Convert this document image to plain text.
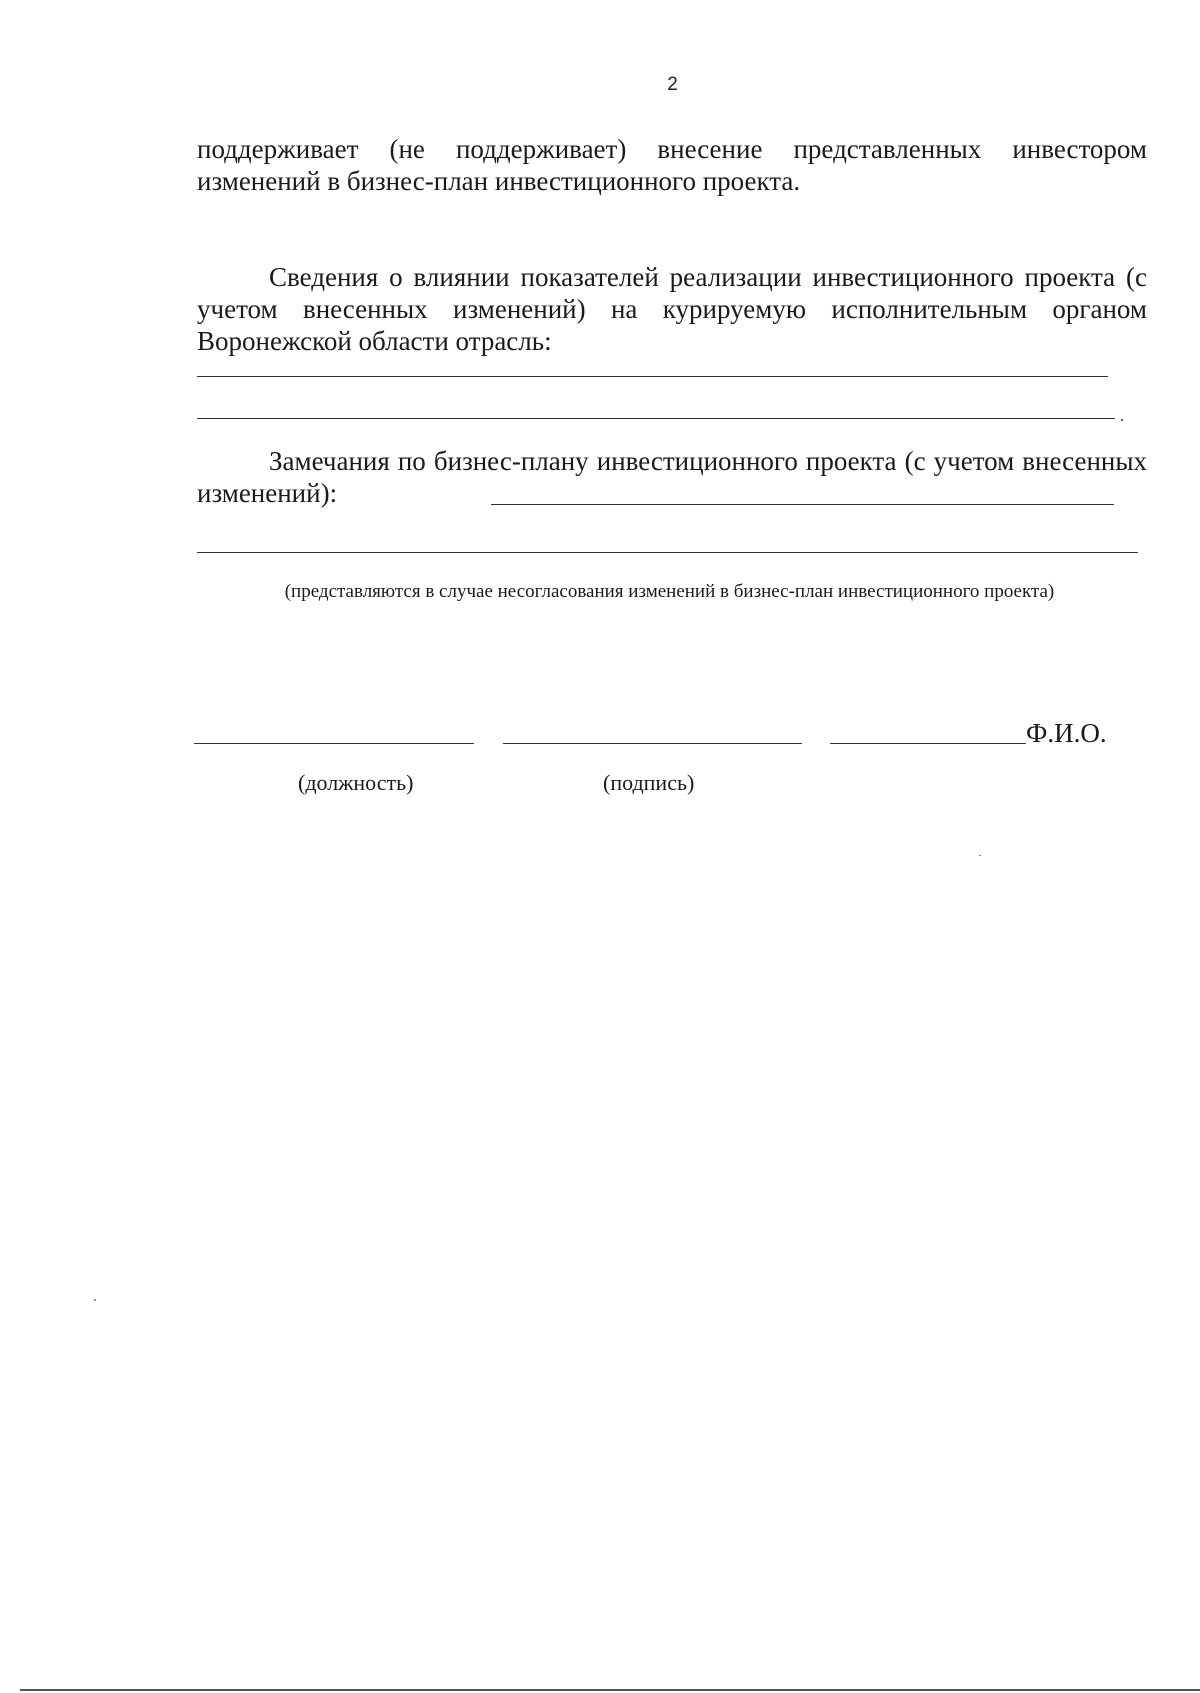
2

поддерживает (не поддерживает) внесение представленных инвестором изменений в бизнес-план инвестиционного проекта.

Сведения о влиянии показателей реализации инвестиционного проекта (с учетом внесенных изменений) на курируемую исполнительным органом Воронежской области отрасль:

.

Замечания по бизнес-плану инвестиционного проекта (с учетом внесенных изменений):

(представляются в случае несогласования изменений в бизнес-план инвестиционного проекта)
Ф.И.О.
(должность)	(подпись)
